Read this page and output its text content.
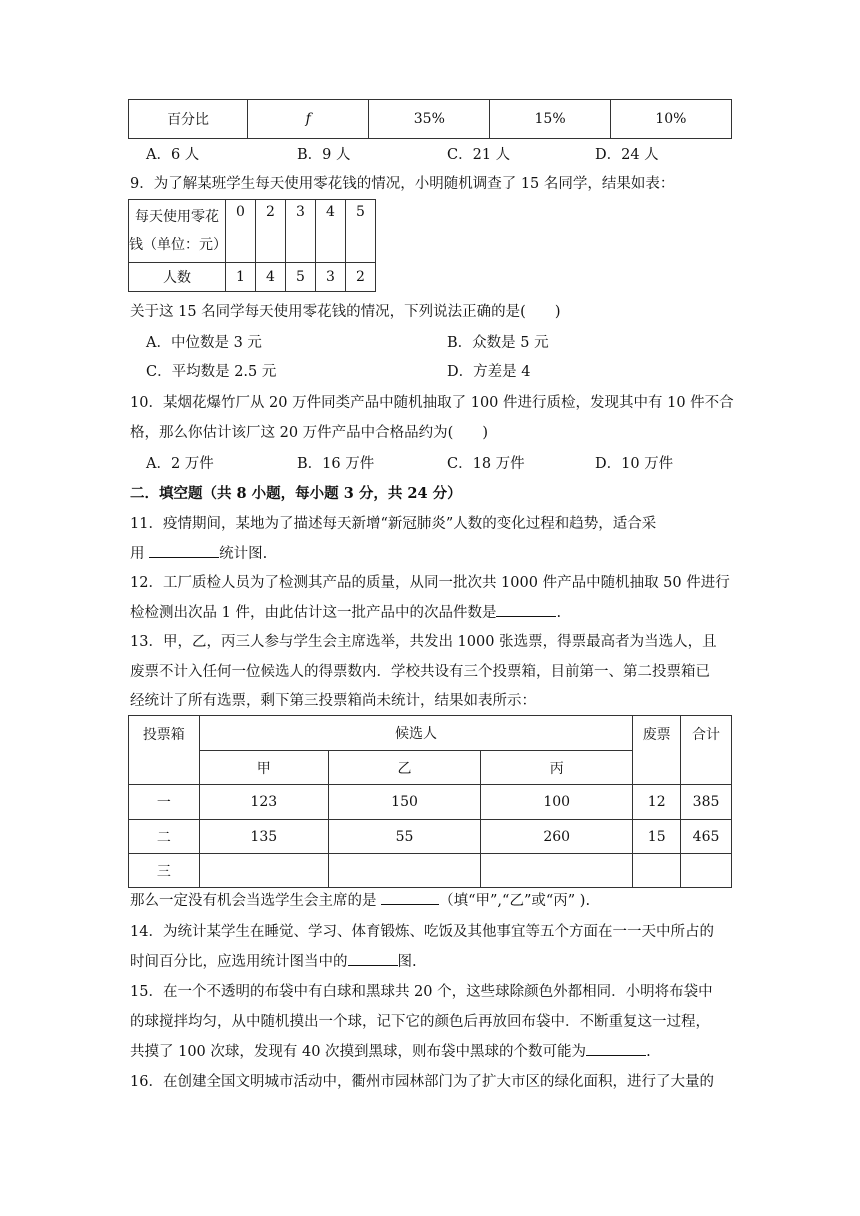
百分比	f	35%	15%	10%
A．6 人	B．9 人	C．21 人	D．24 人
9．为了解某班学生每天使用零花钱的情况，小明随机调查了 15 名同学，结果如表：
每天使用零花
钱（单位：元）	0	2	3	4	5
人数	1	4	5	3	2
关于这 15 名同学每天使用零花钱的情况，下列说法正确的是(　　)
A．中位数是 3 元	B．众数是 5 元
C．平均数是 2.5 元	D．方差是 4
10．某烟花爆竹厂从 20 万件同类产品中随机抽取了 100 件进行质检，发现其中有 10 件不合
格，那么你估计该厂这 20 万件产品中合格品约为(　　)
A．2 万件	B．16 万件	C．18 万件	D．10 万件
二．填空题（共 8 小题，每小题 3 分，共 24 分）
11．疫情期间，某地为了描述每天新增“新冠肺炎”人数的变化过程和趋势，适合采
用	统计图.
12．工厂质检人员为了检测其产品的质量，从同一批次共 1000 件产品中随机抽取 50 件进行
检检测出次品 1 件，由此估计这一批产品中的次品件数是	.
13．甲，乙，丙三人参与学生会主席选举，共发出 1000 张选票，得票最高者为当选人，且
废票不计入任何一位候选人的得票数内．学校共设有三个投票箱，目前第一、第二投票箱已
经统计了所有选票，剩下第三投票箱尚未统计，结果如表所示：
投票箱	候选人			废票	合计
	甲	乙	丙		
一	123	150	100	12	385
二	135	55	260	15	465
三					
那么一定没有机会当选学生会主席的是	（填“甲”,“乙”或“丙” ).
14．为统计某学生在睡觉、学习、体育锻炼、吃饭及其他事宜等五个方面在一一天中所占的
时间百分比，应选用统计图当中的	图.
15．在一个不透明的布袋中有白球和黑球共 20 个，这些球除颜色外都相同．小明将布袋中
的球搅拌均匀，从中随机摸出一个球，记下它的颜色后再放回布袋中．不断重复这一过程，
共摸了 100 次球，发现有 40 次摸到黑球，则布袋中黑球的个数可能为	.
16．在创建全国文明城市活动中，衢州市园林部门为了扩大市区的绿化面积，进行了大量的
